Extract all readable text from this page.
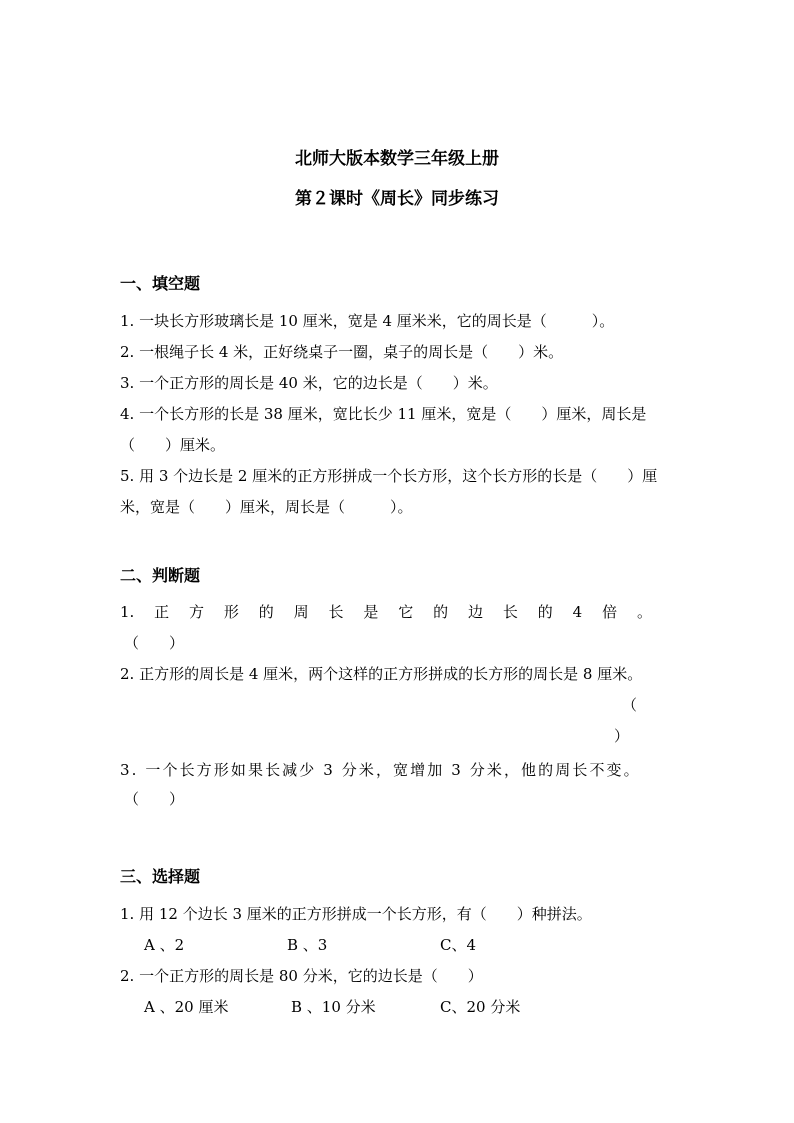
北师大版本数学三年级上册
第２课时《周长》同步练习
一、填空题
1. 一块长方形玻璃长是 10 厘米，宽是 4 厘米米，它的周长是（　　　）。
2. 一根绳子长 4 米，正好绕桌子一圈，桌子的周长是（　　）米。
3. 一个正方形的周长是 40 米，它的边长是（　　）米。
4. 一个长方形的长是 38 厘米，宽比长少 11 厘米，宽是（　　）厘米，周长是
（　　）厘米。
5. 用 3 个边长是 2 厘米的正方形拼成一个长方形，这个长方形的长是（　　）厘
米，宽是（　　）厘米，周长是（　　　）。
二、判断题
1. 正 方 形 的 周 长 是 它 的 边 长 的 4 倍 。
（　　）
2. 正方形的周长是 4 厘米，两个这样的正方形拼成的长方形的周长是 8 厘米。
（
）
3. 一个长方形如果长减少 3 分米，宽增加 3 分米，他的周长不变。
（　　）
三、选择题
1. 用 12 个边长 3 厘米的正方形拼成一个长方形，有（　　）种拼法。
A 、2	B 、3	C、4
2. 一个正方形的周长是 80 分米，它的边长是（　　）
A 、20 厘米	B 、10 分米	C、20 分米
